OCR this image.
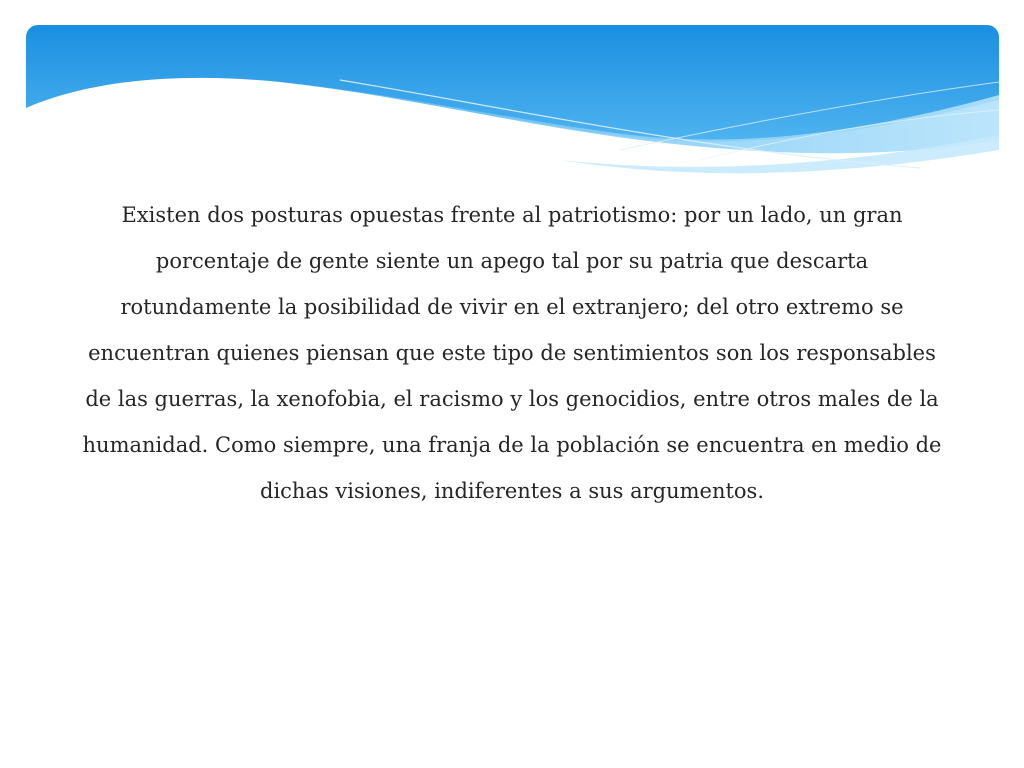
Existen dos posturas opuestas frente al patriotismo: por un lado, un gran porcentaje de gente siente un apego tal por su patria que descarta rotundamente la posibilidad de vivir en el extranjero; del otro extremo se encuentran quienes piensan que este tipo de sentimientos son los responsables de las guerras, la xenofobia, el racismo y los genocidios, entre otros males de la humanidad. Como siempre, una franja de la población se encuentra en medio de dichas visiones, indiferentes a sus argumentos.
